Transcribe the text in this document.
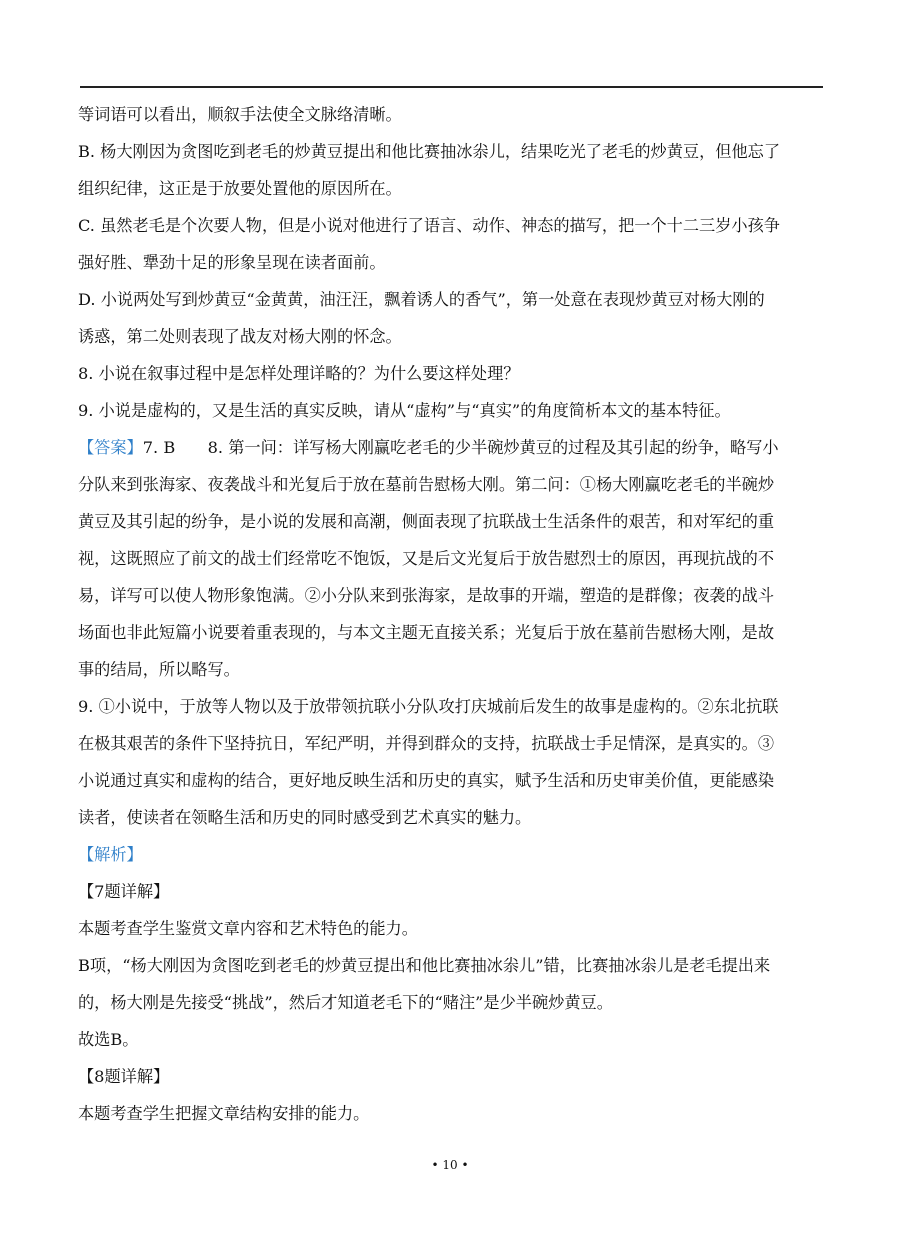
等词语可以看出，顺叙手法使全文脉络清晰。

B. 杨大刚因为贪图吃到老毛的炒黄豆提出和他比赛抽冰尜儿，结果吃光了老毛的炒黄豆，但他忘了

组织纪律，这正是于放要处置他的原因所在。

C. 虽然老毛是个次要人物，但是小说对他进行了语言、动作、神态的描写，把一个十二三岁小孩争

强好胜、犟劲十足的形象呈现在读者面前。

D. 小说两处写到炒黄豆“金黄黄，油汪汪，飘着诱人的香气”，第一处意在表现炒黄豆对杨大刚的

诱惑，第二处则表现了战友对杨大刚的怀念。

8. 小说在叙事过程中是怎样处理详略的？为什么要这样处理？

9. 小说是虚构的，又是生活的真实反映，请从“虚构”与“真实”的角度简析本文的基本特征。

【答案】7. B　　8. 第一问：详写杨大刚赢吃老毛的少半碗炒黄豆的过程及其引起的纷争，略写小

分队来到张海家、夜袭战斗和光复后于放在墓前告慰杨大刚。第二问：①杨大刚赢吃老毛的半碗炒

黄豆及其引起的纷争，是小说的发展和高潮，侧面表现了抗联战士生活条件的艰苦，和对军纪的重

视，这既照应了前文的战士们经常吃不饱饭，又是后文光复后于放告慰烈士的原因，再现抗战的不

易，详写可以使人物形象饱满。②小分队来到张海家，是故事的开端，塑造的是群像；夜袭的战斗

场面也非此短篇小说要着重表现的，与本文主题无直接关系；光复后于放在墓前告慰杨大刚，是故

事的结局，所以略写。

9. ①小说中，于放等人物以及于放带领抗联小分队攻打庆城前后发生的故事是虚构的。②东北抗联

在极其艰苦的条件下坚持抗日，军纪严明，并得到群众的支持，抗联战士手足情深，是真实的。③

小说通过真实和虚构的结合，更好地反映生活和历史的真实，赋予生活和历史审美价值，更能感染

读者，使读者在领略生活和历史的同时感受到艺术真实的魅力。

【解析】

【7题详解】

本题考查学生鉴赏文章内容和艺术特色的能力。

B项，“杨大刚因为贪图吃到老毛的炒黄豆提出和他比赛抽冰尜儿”错，比赛抽冰尜儿是老毛提出来

的，杨大刚是先接受“挑战”，然后才知道老毛下的“赌注”是少半碗炒黄豆。

故选B。

【8题详解】

本题考查学生把握文章结构安排的能力。

• 10 •
